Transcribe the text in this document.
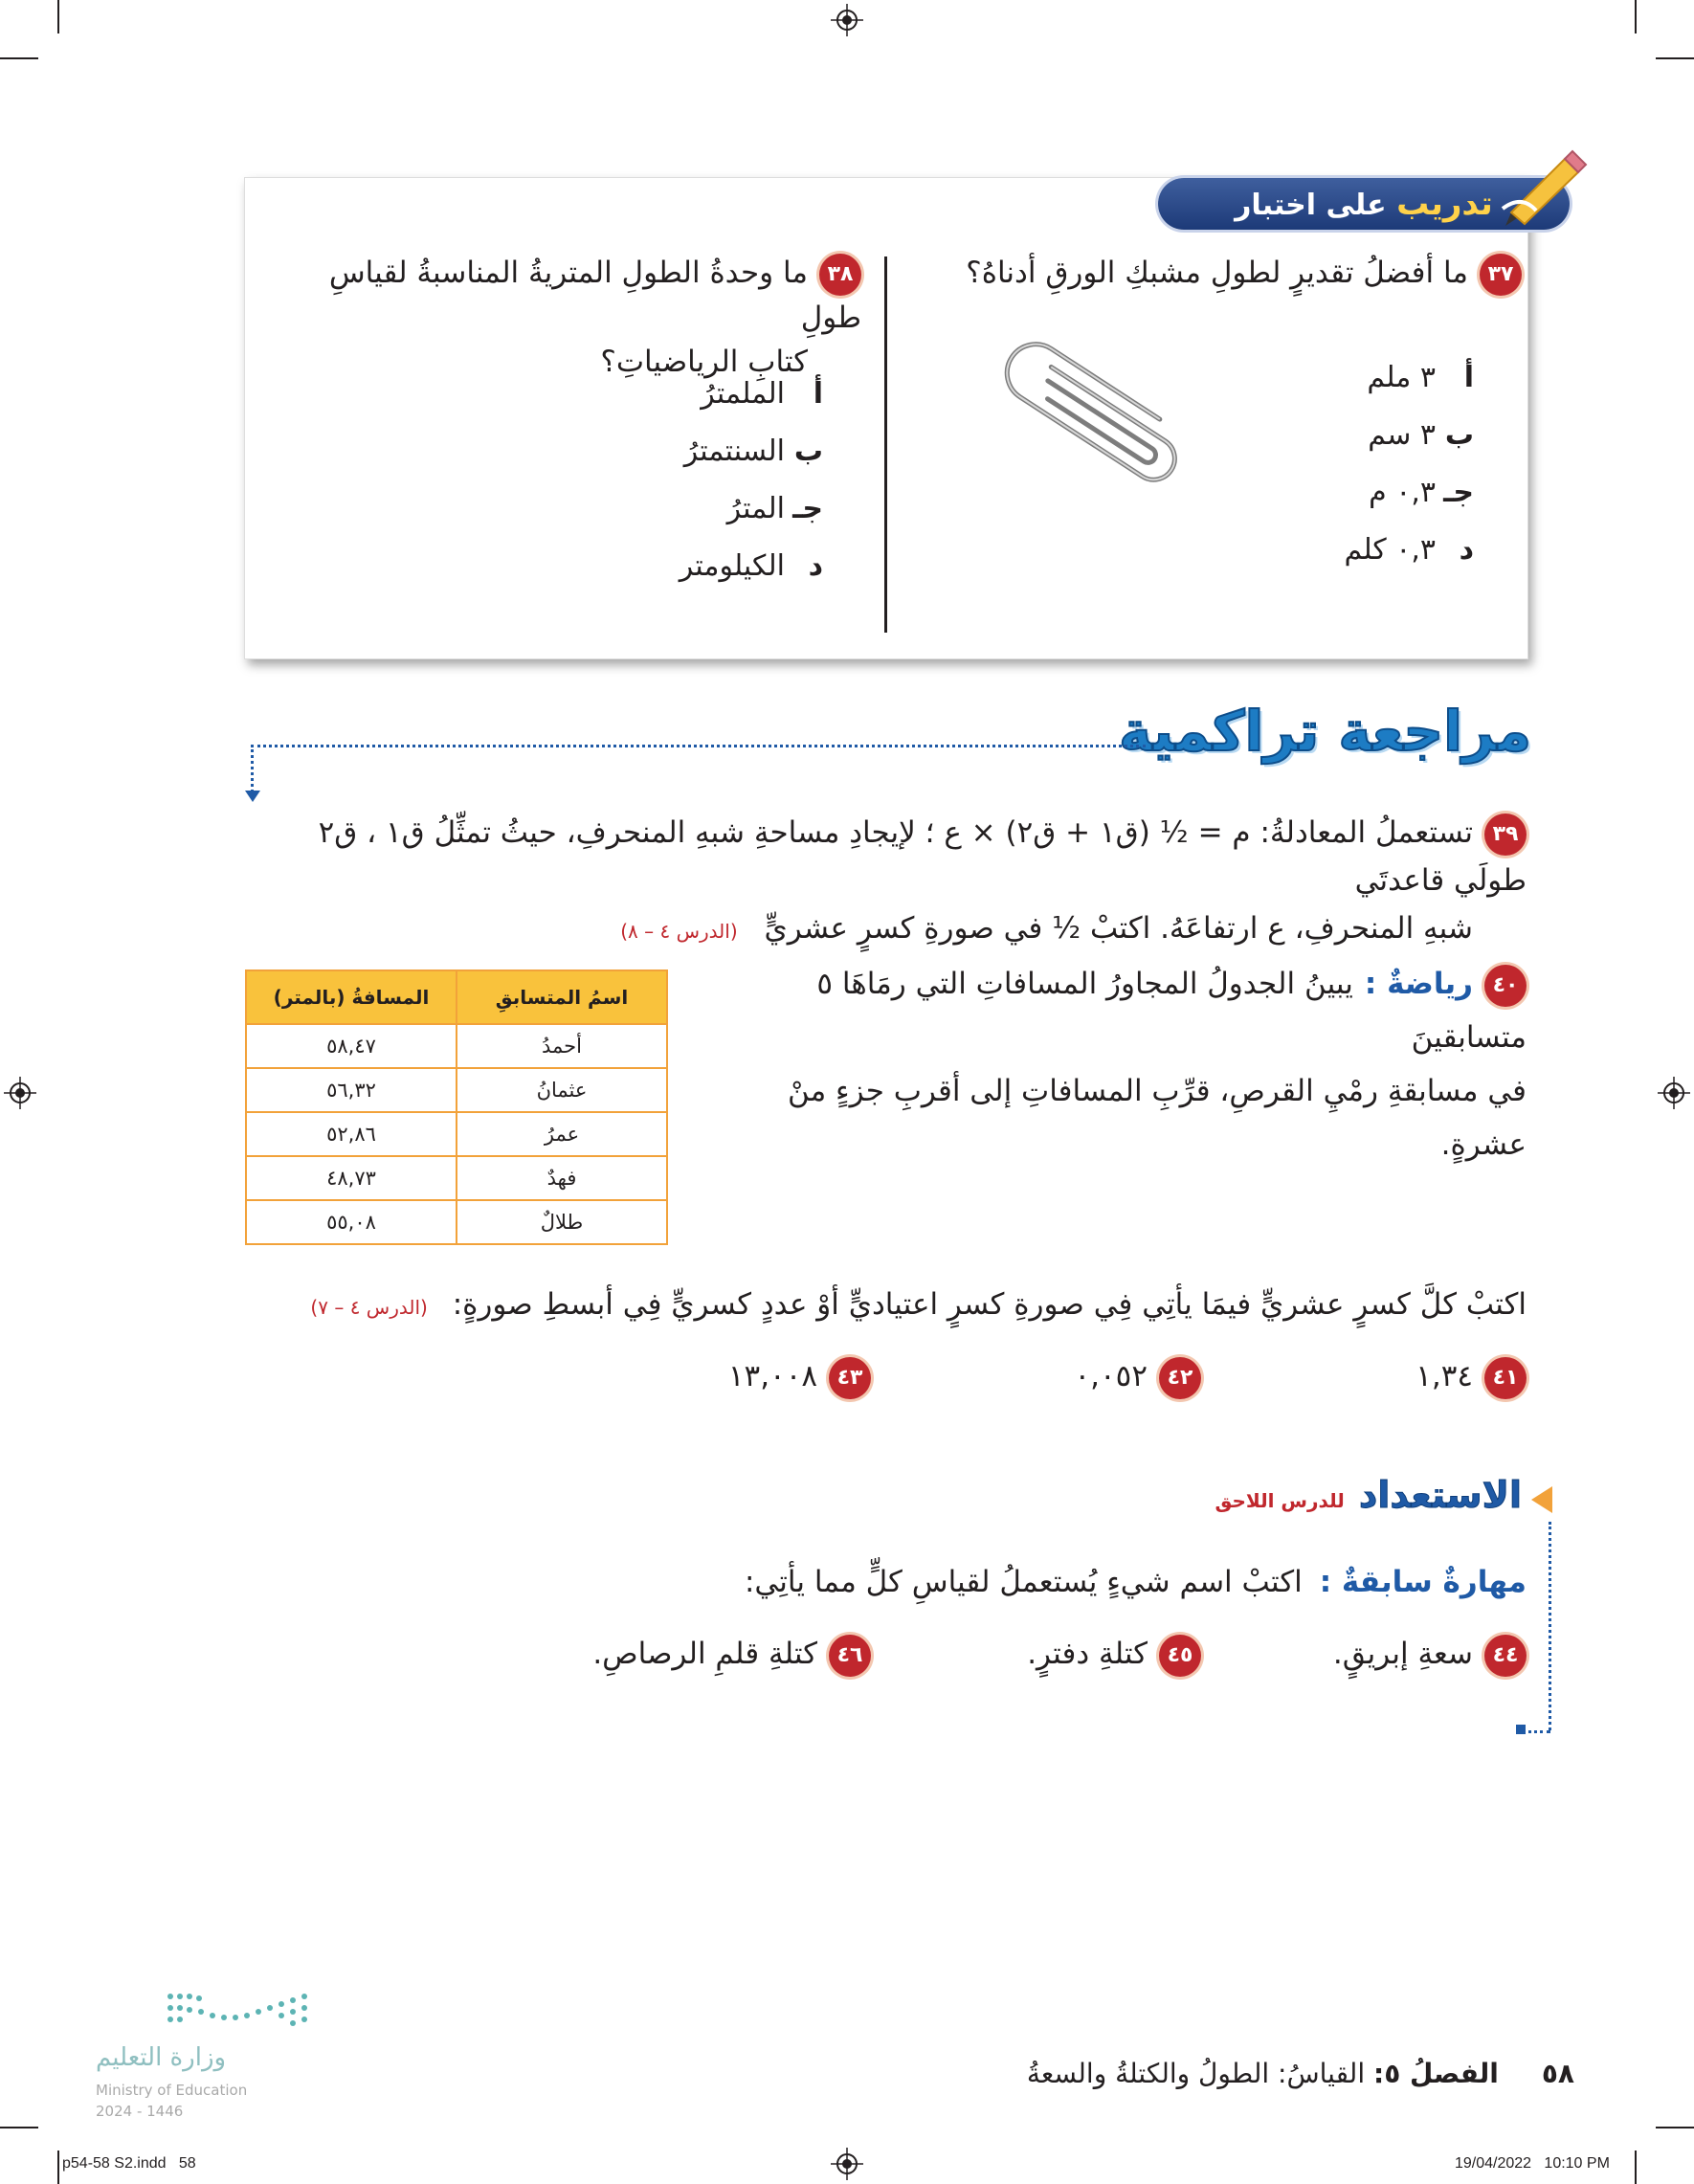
تدريب على اختبار
٣٧ما أفضلُ تقديرٍ لطولِ مشبكِ الورقِ أدناهُ؟
أ٣ ملم
ب٣ سم
جـ٠,٣ م
د٠,٣ كلم
٣٨ما وحدةُ الطولِ المتريةُ المناسبةُ لقياسِ طولِ
كتابِ الرياضياتِ؟
أالملمترُ
بالسنتمترُ
جـالمترُ
دالكيلومتر
مراجعة تراكمية
٣٩تستعملُ المعادلةُ: م = ½ (ق١ + ق٢) × ع ؛ لإيجادِ مساحةِ شبهِ المنحرفِ، حيثُ تمثِّلُ ق١ ، ق٢ طولَي قاعدتَي
شبهِ المنحرفِ، ع ارتفاعَهُ. اكتبْ ½ في صورةِ كسرٍ عشريٍّ (الدرس ٤ – ٨)
٤٠رياضةٌ :يبينُ الجدولُ المجاورُ المسافاتِ التي رمَاهَا ٥ متسابقينَ
في مسابقةِ رمْيِ القرصِ، قرِّبِ المسافاتِ إلى أقربِ جزءٍ منْ عشرةٍ.
اسمُ المتسابقِ	المسافةُ (بالمتر)
أحمدُ	٥٨,٤٧
عثمانُ	٥٦,٣٢
عمرُ	٥٢,٨٦
فهدٌ	٤٨,٧٣
طلالٌ	٥٥,٠٨
اكتبْ كلَّ كسرٍ عشريٍّ فيمَا يأتِي فِي صورةِ كسرٍ اعتياديٍّ أوْ عددٍ كسريٍّ فِي أبسطِ صورةٍ: (الدرس ٤ – ٧)
٤١١,٣٤
٤٢٠,٠٥٢
٤٣١٣,٠٠٨
الاستعداد للدرس اللاحق
مهارةٌ سابقةٌ :اكتبْ اسم شيءٍ يُستعملُ لقياسِ كلٍّ مما يأتِي:
٤٤سعةِ إبريقٍ.
٤٥كتلةِ دفترٍ.
٤٦كتلةِ قلمِ الرصاصِ.
٥٨ الفصلُ ٥: القياسُ: الطولُ والكتلةُ والسعةُ
وزارة التعليم
Ministry of Education
2024 - 1446
p54-58 S2.indd   58	19/04/2022   10:10 PM
